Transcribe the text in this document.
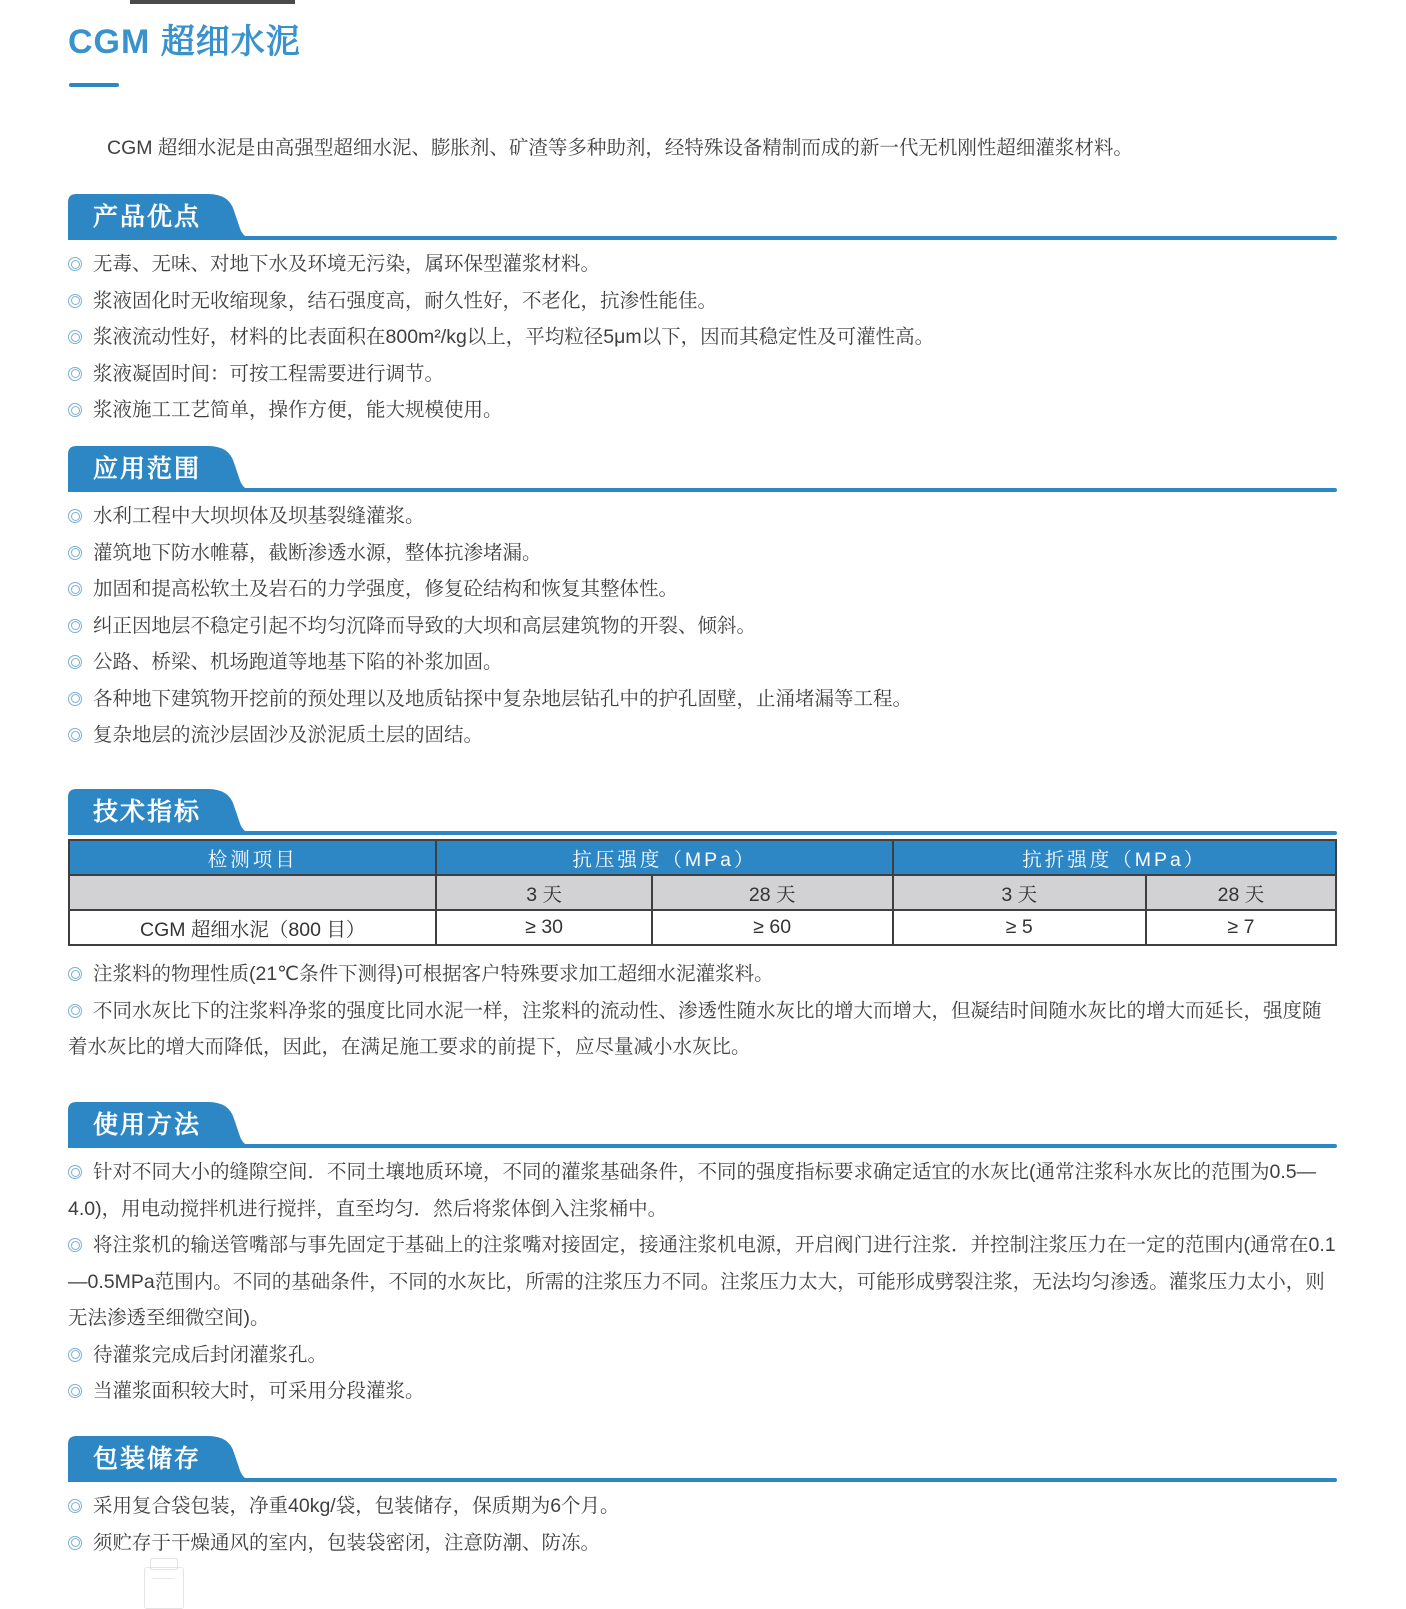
CGM 超细水泥

CGM 超细水泥是由高强型超细水泥、膨胀剂、矿渣等多种助剂，经特殊设备精制而成的新一代无机刚性超细灌浆材料。

产品优点

无毒、无味、对地下水及环境无污染，属环保型灌浆材料。

浆液固化时无收缩现象，结石强度高，耐久性好，不老化，抗渗性能佳。

浆液流动性好，材料的比表面积在800m²/kg以上，平均粒径5μm以下，因而其稳定性及可灌性高。

浆液凝固时间：可按工程需要进行调节。

浆液施工工艺简单，操作方便，能大规模使用。

应用范围

水利工程中大坝坝体及坝基裂缝灌浆。

灌筑地下防水帷幕，截断渗透水源，整体抗渗堵漏。

加固和提高松软土及岩石的力学强度，修复砼结构和恢复其整体性。

纠正因地层不稳定引起不均匀沉降而导致的大坝和高层建筑物的开裂、倾斜。

公路、桥梁、机场跑道等地基下陷的补浆加固。

各种地下建筑物开挖前的预处理以及地质钻探中复杂地层钻孔中的护孔固壁，止涌堵漏等工程。

复杂地层的流沙层固沙及淤泥质土层的固结。

技术指标
检测项目	抗压强度（MPa）		抗折强度（MPa）	
	3 天	28 天	3 天	28 天
CGM 超细水泥（800 目）	≥ 30	≥ 60	≥ 5	≥ 7

注浆料的物理性质(21℃条件下测得)可根据客户特殊要求加工超细水泥灌浆料。

不同水灰比下的注浆料净浆的强度比同水泥一样，注浆料的流动性、渗透性随水灰比的增大而增大，但凝结时间随水灰比的增大而延长，强度随着水灰比的增大而降低，因此，在满足施工要求的前提下，应尽量减小水灰比。

使用方法

针对不同大小的缝隙空间．不同土壤地质环境，不同的灌浆基础条件，不同的强度指标要求确定适宜的水灰比(通常注浆科水灰比的范围为0.5—4.0)，用电动搅拌机进行搅拌，直至均匀．然后将浆体倒入注浆桶中。

将注浆机的输送管嘴部与事先固定于基础上的注浆嘴对接固定，接通注浆机电源，开启阀门进行注浆．并控制注浆压力在一定的范围内(通常在0.1—0.5MPa范围内。不同的基础条件，不同的水灰比，所需的注浆压力不同。注浆压力太大，可能形成劈裂注浆，无法均匀渗透。灌浆压力太小，则无法渗透至细微空间)。

待灌浆完成后封闭灌浆孔。

当灌浆面积较大时，可采用分段灌浆。

包装储存

采用复合袋包装，净重40kg/袋，包装储存，保质期为6个月。

须贮存于干燥通风的室内，包装袋密闭，注意防潮、防冻。
